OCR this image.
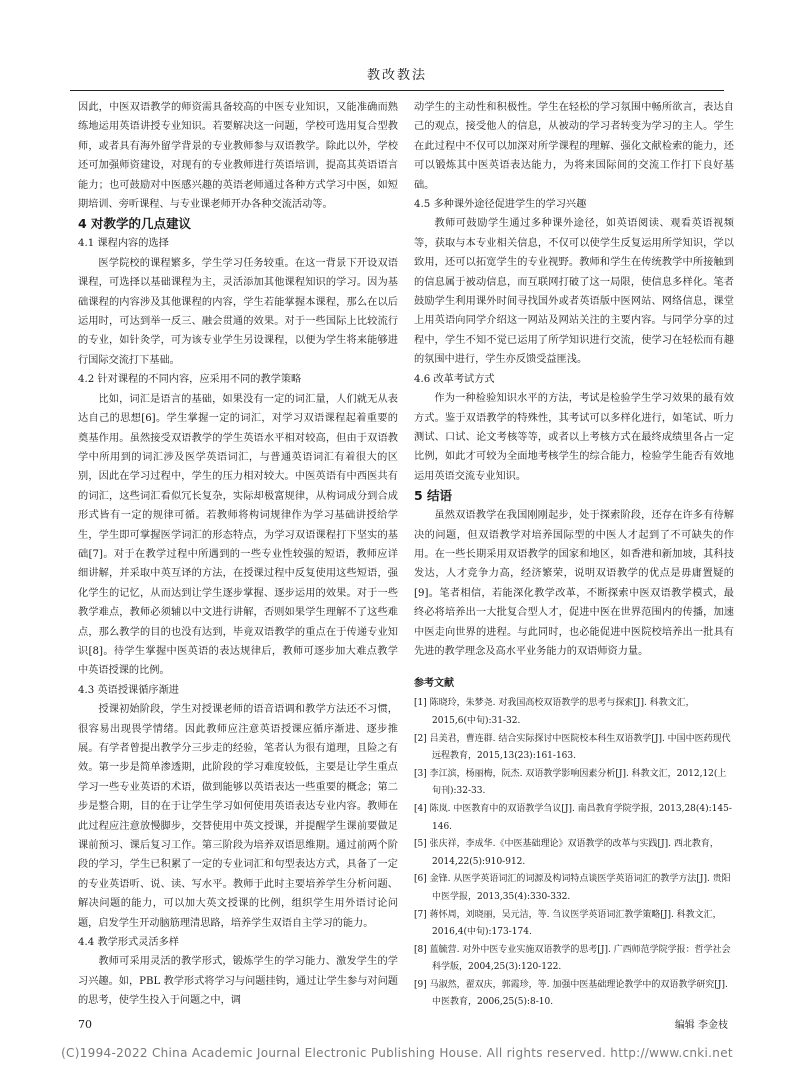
教改教法

因此，中医双语教学的师资需具备较高的中医专业知识，又能准确而熟练地运用英语讲授专业知识。若要解决这一问题，学校可选用复合型教师，或者具有海外留学背景的专业教师参与双语教学。除此以外，学校还可加强师资建设，对现有的专业教师进行英语培训，提高其英语语言能力；也可鼓励对中医感兴趣的英语老师通过各种方式学习中医，如短期培训、旁听课程、与专业课老师开办各种交流活动等。

4 对教学的几点建议
4.1 课程内容的选择

医学院校的课程繁多，学生学习任务较重。在这一背景下开设双语课程，可选择以基础课程为主，灵活添加其他课程知识的学习。因为基础课程的内容涉及其他课程的内容，学生若能掌握本课程，那么在以后运用时，可达到举一反三、融会贯通的效果。对于一些国际上比较流行的专业，如针灸学，可为该专业学生另设课程，以便为学生将来能够进行国际交流打下基础。

4.2 针对课程的不同内容，应采用不同的教学策略

比如，词汇是语言的基础，如果没有一定的词汇量，人们就无从表达自己的思想[6]。学生掌握一定的词汇，对学习双语课程起着重要的奠基作用。虽然接受双语教学的学生英语水平相对较高，但由于双语教学中所用到的词汇涉及医学英语词汇，与普通英语词汇有着很大的区别，因此在学习过程中，学生的压力相对较大。中医英语有中西医共有的词汇，这些词汇看似冗长复杂，实际却极富规律，从构词成分到合成形式皆有一定的规律可循。若教师将构词规律作为学习基础讲授给学生，学生即可掌握医学词汇的形态特点，为学习双语课程打下坚实的基础[7]。对于在教学过程中所遇到的一些专业性较强的短语，教师应详细讲解，并采取中英互译的方法，在授课过程中反复使用这些短语，强化学生的记忆，从而达到让学生逐步掌握、逐步运用的效果。对于一些教学难点，教师必须辅以中文进行讲解，否则如果学生理解不了这些难点，那么教学的目的也没有达到，毕竟双语教学的重点在于传递专业知识[8]。待学生掌握中医英语的表达规律后，教师可逐步加大难点教学中英语授课的比例。

4.3 英语授课循序渐进

授课初始阶段，学生对授课老师的语音语调和教学方法还不习惯，很容易出现畏学情绪。因此教师应注意英语授课应循序渐进、逐步推展。有学者曾提出教学分三步走的经验，笔者认为很有道理，且险之有效。第一步是简单渗透期，此阶段的学习难度较低，主要是让学生重点学习一些专业英语的术语，做到能够以英语表达一些重要的概念；第二步是整合期，目的在于让学生学习如何使用英语表达专业内容。教师在此过程应注意放慢脚步，交替使用中英文授课，并提醒学生课前要做足课前预习、课后复习工作。第三阶段为培养双语思维期。通过前两个阶段的学习，学生已积累了一定的专业词汇和句型表达方式，具备了一定的专业英语听、说、读、写水平。教师于此时主要培养学生分析问题、解决问题的能力，可以加大英文授课的比例，组织学生用外语讨论问题，启发学生开动脑筋理清思路，培养学生双语自主学习的能力。

4.4 教学形式灵活多样

教师可采用灵活的教学形式，锻炼学生的学习能力、激发学生的学习兴趣。如，PBL 教学形式将学习与问题挂钩，通过让学生参与对问题的思考，使学生投入于问题之中，调

动学生的主动性和积极性。学生在轻松的学习氛围中畅所欲言，表达自己的观点，接受他人的信息，从被动的学习者转变为学习的主人。学生在此过程中不仅可以加深对所学课程的理解、强化文献检索的能力，还可以锻炼其中医英语表达能力，为将来国际间的交流工作打下良好基础。

4.5 多种课外途径促进学生的学习兴趣

教师可鼓励学生通过多种课外途径，如英语阅读、观看英语视频等，获取与本专业相关信息，不仅可以使学生反复运用所学知识，学以致用，还可以拓宽学生的专业视野。教师和学生在传统教学中所接触到的信息属于被动信息，而互联网打破了这一局限，使信息多样化。笔者鼓励学生利用课外时间寻找国外或者英语版中医网站、网络信息，课堂上用英语向同学介绍这一网站及网站关注的主要内容。与同学分享的过程中，学生不知不觉已运用了所学知识进行交流，使学习在轻松而有趣的氛围中进行，学生亦反馈受益匪浅。

4.6 改革考试方式

作为一种检验知识水平的方法，考试是检验学生学习效果的最有效方式。鉴于双语教学的特殊性，其考试可以多样化进行，如笔试、听力测试、口试、论文考核等等，或者以上考核方式在最终成绩里各占一定比例，如此才可较为全面地考核学生的综合能力，检验学生能否有效地运用英语交流专业知识。

5 结语

虽然双语教学在我国刚刚起步，处于探索阶段，还存在许多有待解决的问题，但双语教学对培养国际型的中医人才起到了不可缺失的作用。在一些长期采用双语教学的国家和地区，如香港和新加坡，其科技发达，人才竞争力高，经济繁荣，说明双语教学的优点是毋庸置疑的[9]。笔者相信，若能深化教学改革，不断探索中医双语教学模式，最终必将培养出一大批复合型人才，促进中医在世界范围内的传播，加速中医走向世界的进程。与此同时，也必能促进中医院校培养出一批具有先进的教学理念及高水平业务能力的双语师资力量。

参考文献
[1] 陈晓玲，朱梦尧. 对我国高校双语教学的思考与探索[J]. 科教文汇，2015,6(中旬):31-32.
[2] 吕美君，曹连群. 结合实际探讨中医院校本科生双语教学[J]. 中国中医药现代远程教育，2015,13(23):161-163.
[3] 李江滨，杨丽梅，阮杰. 双语教学影响因素分析[J]. 科教文汇，2012,12(上旬刊):32-33.
[4] 陈岚. 中医教育中的双语教学刍议[J]. 南昌教育学院学报，2013,28(4):145-146.
[5] 张庆祥，李成华.《中医基础理论》双语教学的改革与实践[J]. 西北教育，2014,22(5):910-912.
[6] 金锋. 从医学英语词汇的词源及构词特点谈医学英语词汇的教学方法[J]. 贵阳中医学报，2013,35(4):330-332.
[7] 蒋怀周，刘晓丽，吴元洁，等. 刍议医学英语词汇教学策略[J]. 科教文汇，2016,4(中旬):173-174.
[8] 蓝毓营. 对外中医专业实施双语教学的思考[J]. 广西师范学院学报：哲学社会科学版，2004,25(3):120-122.
[9] 马淑然，翟双庆，郭霞珍，等. 加强中医基础理论教学中的双语教学研究[J]. 中医教育，2006,25(5):8-10.
编辑 李金枝
70
(C)1994-2022 China Academic Journal Electronic Publishing House. All rights reserved. http://www.cnki.net
